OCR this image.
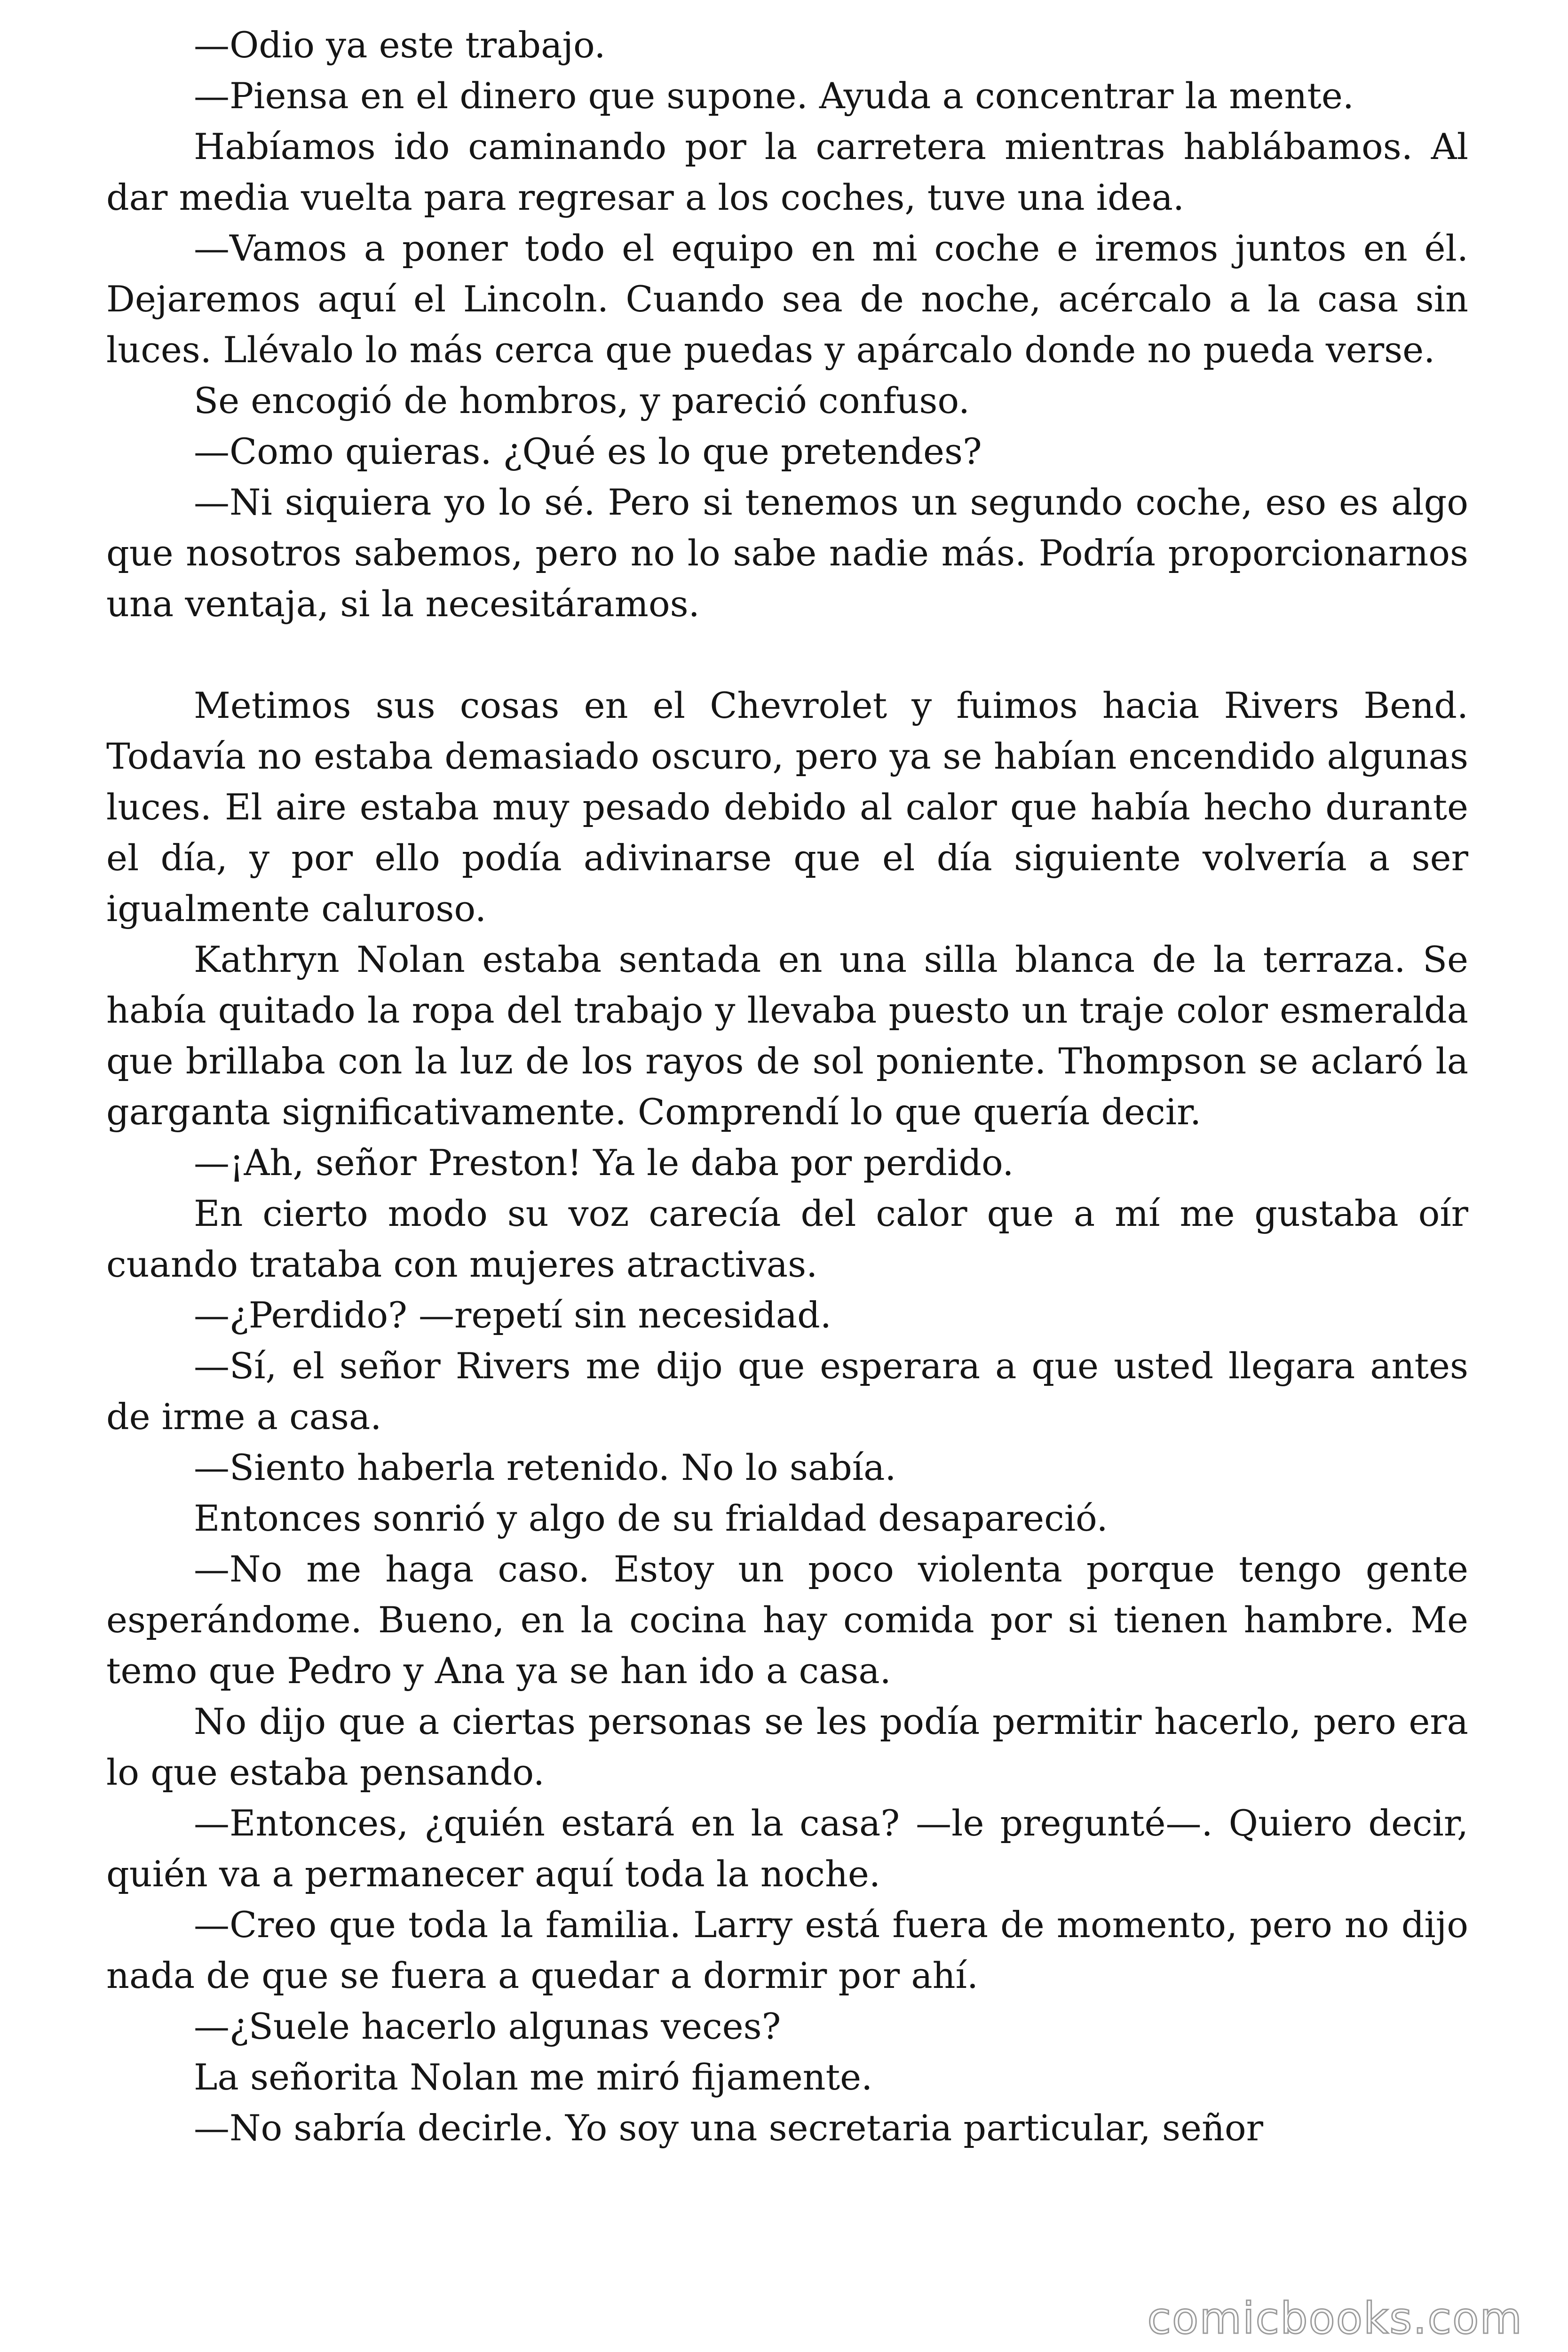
—Odio ya este trabajo.

—Piensa en el dinero que supone. Ayuda a concentrar la mente.

Habíamos ido caminando por la carretera mientras hablábamos. Al dar media vuelta para regresar a los coches, tuve una idea.

—Vamos a poner todo el equipo en mi coche e iremos juntos en él. Dejaremos aquí el Lincoln. Cuando sea de noche, acércalo a la casa sin luces. Llévalo lo más cerca que puedas y apárcalo donde no pueda verse.

Se encogió de hombros, y pareció confuso.

—Como quieras. ¿Qué es lo que pretendes?

—Ni siquiera yo lo sé. Pero si tenemos un segundo coche, eso es algo que nosotros sabemos, pero no lo sabe nadie más. Podría proporcionarnos una ventaja, si la necesitáramos.

Metimos sus cosas en el Chevrolet y fuimos hacia Rivers Bend. Todavía no estaba demasiado oscuro, pero ya se habían encendido algunas luces. El aire estaba muy pesado debido al calor que había hecho durante el día, y por ello podía adivinarse que el día siguiente volvería a ser igualmente caluroso.

Kathryn Nolan estaba sentada en una silla blanca de la terraza. Se había quitado la ropa del trabajo y llevaba puesto un traje color esmeralda que brillaba con la luz de los rayos de sol poniente. Thompson se aclaró la garganta significativamente. Comprendí lo que quería decir.

—¡Ah, señor Preston! Ya le daba por perdido.

En cierto modo su voz carecía del calor que a mí me gustaba oír cuando trataba con mujeres atractivas.

—¿Perdido? —repetí sin necesidad.

—Sí, el señor Rivers me dijo que esperara a que usted llegara antes de irme a casa.

—Siento haberla retenido. No lo sabía.

Entonces sonrió y algo de su frialdad desapareció.

—No me haga caso. Estoy un poco violenta porque tengo gente esperándome. Bueno, en la cocina hay comida por si tienen hambre. Me temo que Pedro y Ana ya se han ido a casa.

No dijo que a ciertas personas se les podía permitir hacerlo, pero era lo que estaba pensando.

—Entonces, ¿quién estará en la casa? —le pregunté—. Quiero decir, quién va a permanecer aquí toda la noche.

—Creo que toda la familia. Larry está fuera de momento, pero no dijo nada de que se fuera a quedar a dormir por ahí.

—¿Suele hacerlo algunas veces?

La señorita Nolan me miró fijamente.

—No sabría decirle. Yo soy una secretaria particular, señor

comicbooks.com
